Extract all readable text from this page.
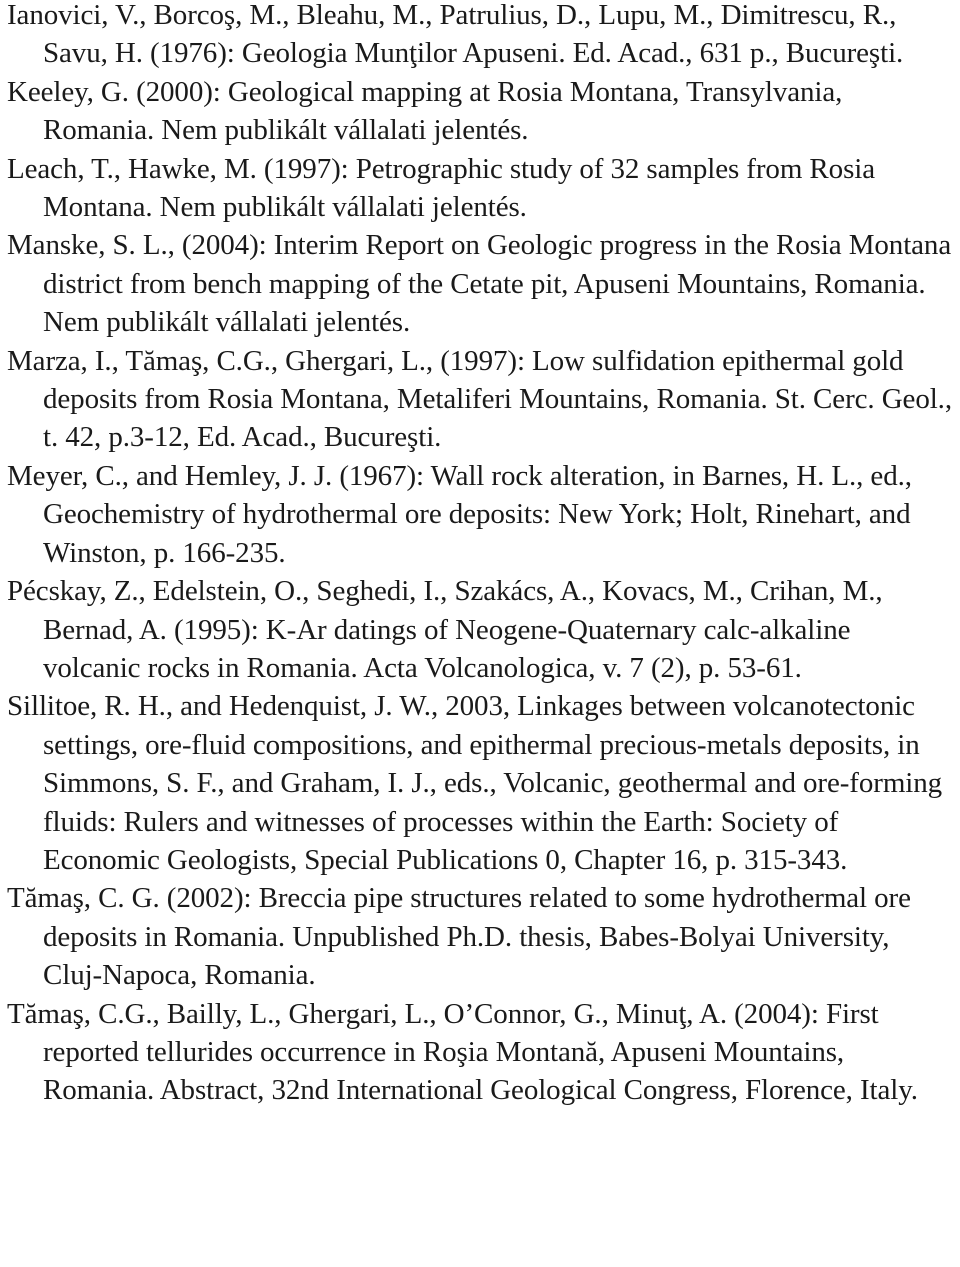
Ianovici, V., Borcoş, M., Bleahu, M., Patrulius, D., Lupu, M., Dimitrescu, R., Savu, H. (1976): Geologia Munţilor Apuseni. Ed. Acad., 631 p., Bucureşti.
Keeley, G. (2000): Geological mapping at Rosia Montana, Transylvania, Romania. Nem publikált vállalati jelentés.
Leach, T., Hawke, M. (1997): Petrographic study of 32 samples from Rosia Montana. Nem publikált vállalati jelentés.
Manske, S. L., (2004): Interim Report on Geologic progress in the Rosia Montana district from bench mapping of the Cetate pit, Apuseni Mountains, Romania. Nem publikált vállalati jelentés.
Marza, I., Tămaş, C.G., Ghergari, L., (1997): Low sulfidation epithermal gold deposits from Rosia Montana, Metaliferi Mountains, Romania. St. Cerc. Geol., t. 42, p.3-12, Ed. Acad., Bucureşti.
Meyer, C., and Hemley, J. J. (1967): Wall rock alteration, in Barnes, H. L., ed., Geochemistry of hydrothermal ore deposits: New York; Holt, Rinehart, and Winston, p. 166-235.
Pécskay, Z., Edelstein, O., Seghedi, I., Szakács, A., Kovacs, M., Crihan, M., Bernad, A. (1995): K-Ar datings of Neogene-Quaternary calc-alkaline volcanic rocks in Romania. Acta Volcanologica, v. 7 (2), p. 53-61.
Sillitoe, R. H., and Hedenquist, J. W., 2003, Linkages between volcanotectonic settings, ore-fluid compositions, and epithermal precious-metals deposits, in Simmons, S. F., and Graham, I. J., eds., Volcanic, geothermal and ore-forming fluids: Rulers and witnesses of processes within the Earth: Society of Economic Geologists, Special Publications 0, Chapter 16, p. 315-343.
Tămaş, C. G. (2002): Breccia pipe structures related to some hydrothermal ore deposits in Romania. Unpublished Ph.D. thesis, Babes-Bolyai University, Cluj-Napoca, Romania.
Tămaş, C.G., Bailly, L., Ghergari, L., O’Connor, G., Minuţ, A. (2004): First reported tellurides occurrence in Roşia Montană, Apuseni Mountains, Romania. Abstract, 32nd International Geological Congress, Florence, Italy.
